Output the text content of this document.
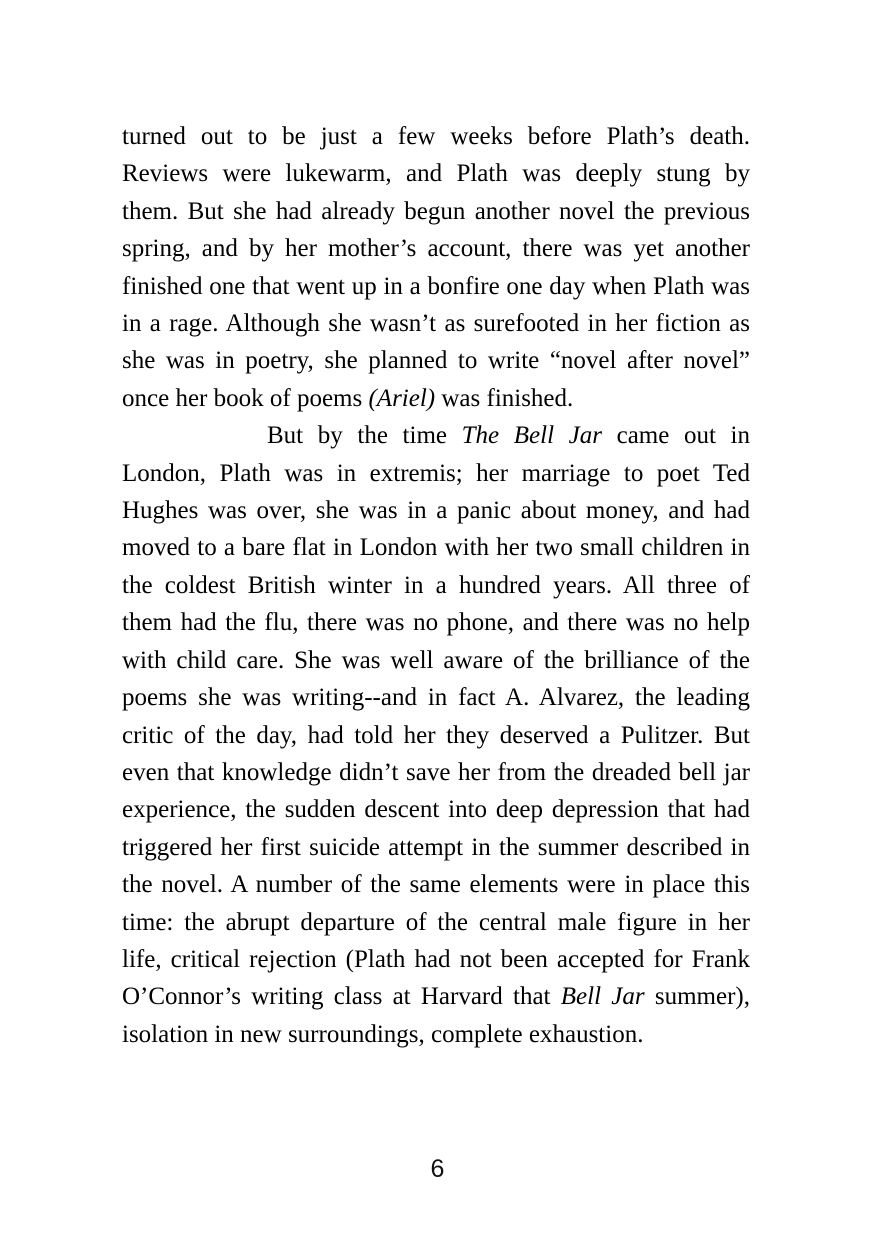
turned out to be just a few weeks before Plath’s death.
Reviews were lukewarm, and Plath was deeply stung by
them. But she had already begun another novel the previous
spring, and by her mother’s account, there was yet another
finished one that went up in a bonfire one day when Plath was
in a rage. Although she wasn’t as surefooted in her fiction as
she was in poetry, she planned to write “novel after novel”
once her book of poems (Ariel) was finished.
But by the time The Bell Jar came out in
London, Plath was in extremis; her marriage to poet Ted
Hughes was over, she was in a panic about money, and had
moved to a bare flat in London with her two small children in
the coldest British winter in a hundred years. All three of
them had the flu, there was no phone, and there was no help
with child care. She was well aware of the brilliance of the
poems she was writing--and in fact A. Alvarez, the leading
critic of the day, had told her they deserved a Pulitzer. But
even that knowledge didn’t save her from the dreaded bell jar
experience, the sudden descent into deep depression that had
triggered her first suicide attempt in the summer described in
the novel. A number of the same elements were in place this
time: the abrupt departure of the central male figure in her
life, critical rejection (Plath had not been accepted for Frank
O’Connor’s writing class at Harvard that Bell Jar summer),
isolation in new surroundings, complete exhaustion.
6
